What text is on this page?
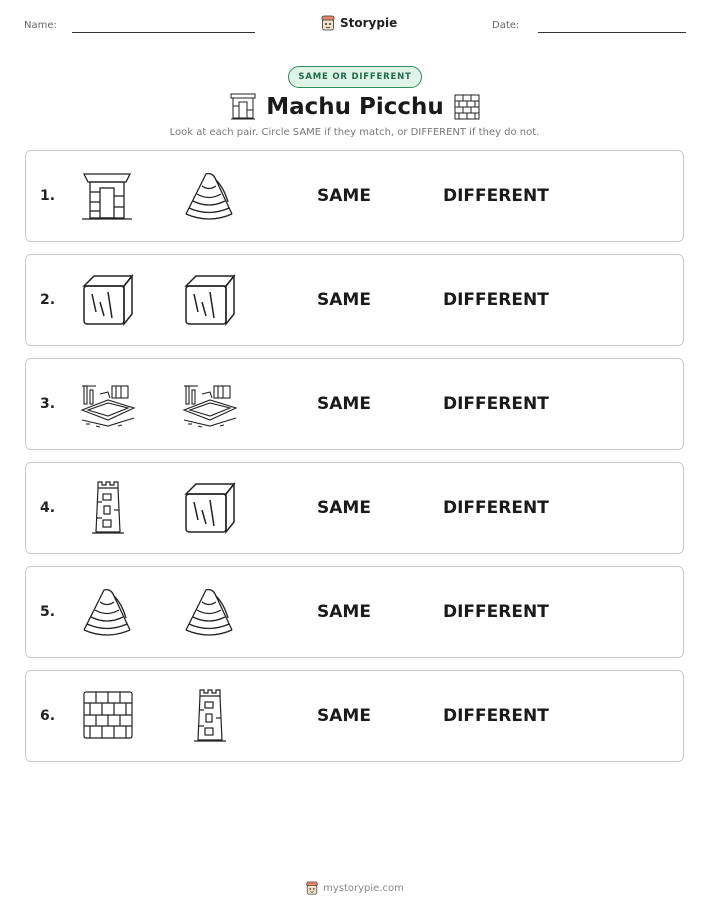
Name:	Storypie	Date:
SAME OR DIFFERENT
Machu Picchu
Look at each pair. Circle SAME if they match, or DIFFERENT if they do not.
1.	SAME	DIFFERENT
2.	SAME	DIFFERENT
3.	SAME	DIFFERENT
4.	SAME	DIFFERENT
5.	SAME	DIFFERENT
6.	SAME	DIFFERENT
mystorypie.com
